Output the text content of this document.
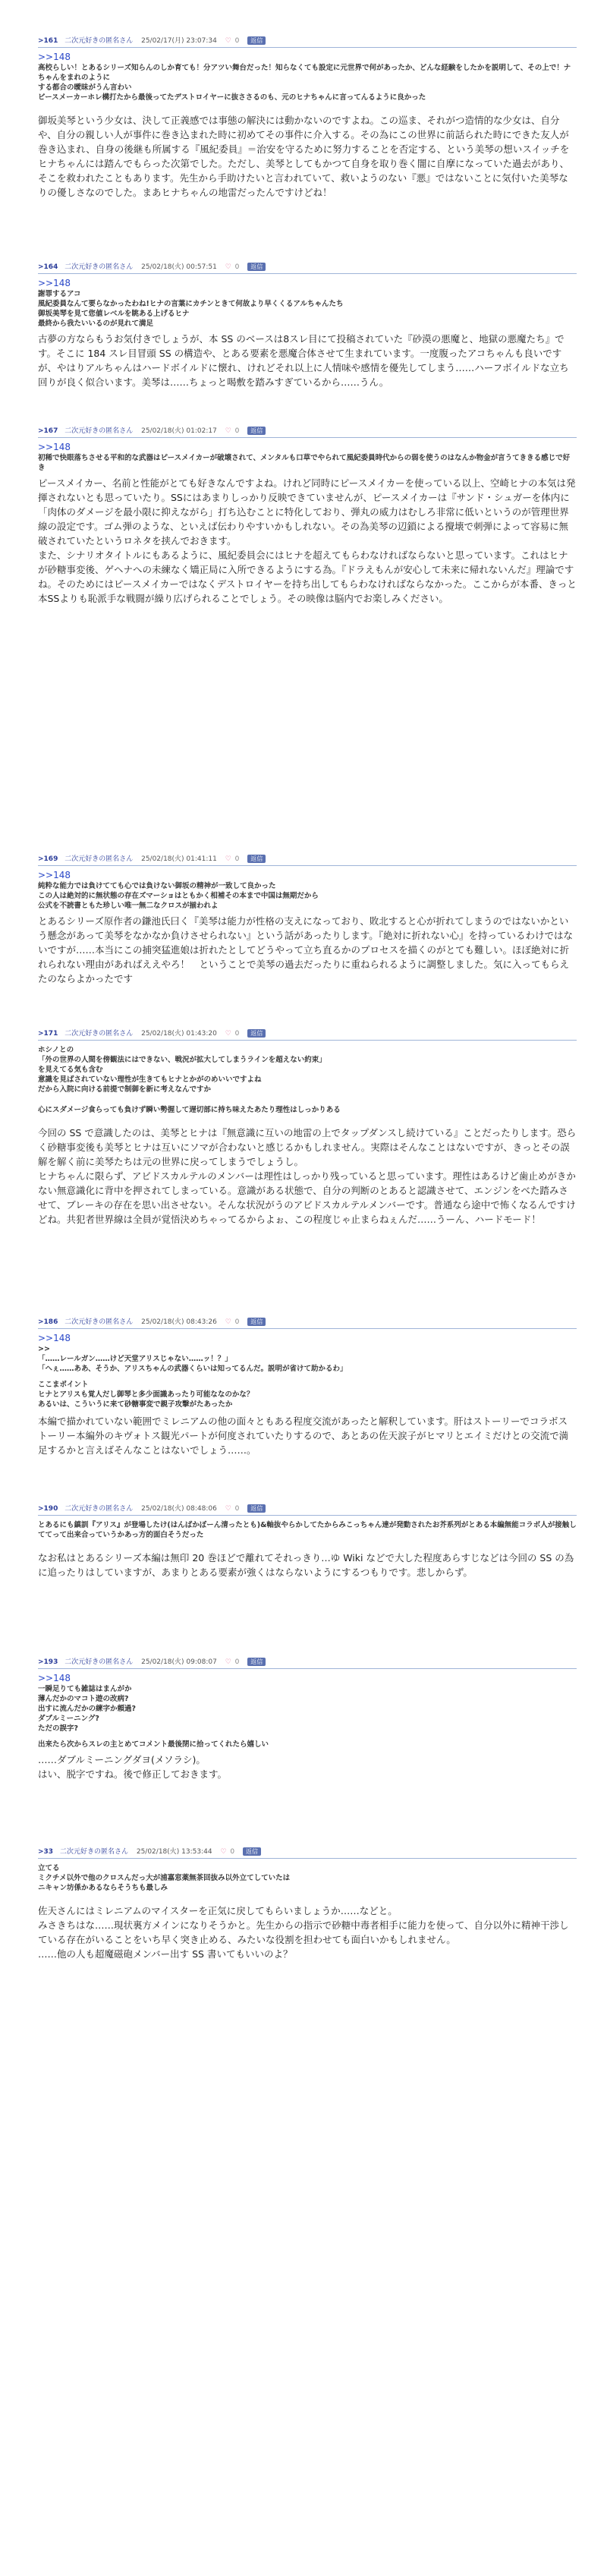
>161 二次元好きの匿名さん 25/02/17(月) 23:07:34 ♡ 0 返信
>>148
高校らしい！とあるシリーズ知らんのしか育ても！分アツい舞台だった！知らなくても設定に元世界で何があったか、どんな経験をしたかを説明して、その上で！ナちゃんをまれのように
する都合の曖昧がうん言わい
ビースメーカーホレ構打たから最後ってたデストロイヤーに抜ささるのも、元のヒナちゃんに言ってんるように良かった
御坂美琴という少女は、決して正義感では事態の解決には動かないのですよね。この巡ま、それがつ造情的な少女は、自分や、自分の親しい人が事件に巻き込まれた時に初めてその事件に介入する。その為にこの世界に前話られた時にできた友人が巻き込まれ、自身の後継も所属する『風紀委員』＝治安を守るために努力することを否定する、という美琴の想いスイッチをヒナちゃんには踏んでもらった次第でした。ただし、美琴としてもかつて自身を取り巻く闇に自摩になっていた過去があり、そこを救われたこともあります。先生から手助けたいと言われていて、救いようのない『悪』ではないことに気付いた美琴なりの優しさなのでした。まあヒナちゃんの地雷だったんですけどね！
>164 二次元好きの匿名さん 25/02/18(火) 00:57:51 ♡ 0 返信
>>148
謝罪するアコ
風紀委員なんて要らなかったわね!ヒナの言葉にカチンときて何故より早くくるアルちゃんたち
御坂美琴を見て您値レベルを眺ある上げるヒナ
最終から我たいいるのが見れて満足
古夢の方ならもうお気付きでしょうが、本 SS のベースは8スレ目にて投稿されていた『砂漠の悪魔と、地獄の悪魔たち』です。そこに 184 スレ目冒頭 SS の構造や、とある要素を悪魔合体させて生まれています。一度腹ったアコちゃんも良いですが、やはりアルちゃんはハードボイルドに懐れ、けれどそれ以上に人情味や感情を優先してしまう……ハーフボイルドな立ち回りが良く似合います。美琴は……ちょっと喝敷を踏みすぎているから……うん。
>167 二次元好きの匿名さん 25/02/18(火) 01:02:17 ♡ 0 返信
>>148
初稀で快眼落ちさせる平和的な武器はピースメイカーが破壊されて、メンタルも口草でやられて風紀委員時代からの弱を使うのはなんか物金が言うてききる感じで好き
ピースメイカー、名前と性能がとても好きなんですよね。けれど同時にピースメイカーを使っている以上、空崎ヒナの本気は発揮されないとも思っていたり。SSにはあまりしっかり反映できていませんが、ピースメイカーは『サンド・シュガーを体内に「肉体のダメージを最小限に抑えながら」打ち込むことに特化しており、弾丸の威力はむしろ非常に低いというのが管理世界線の設定です。ゴム弾のような、といえば伝わりやすいかもしれない。その為美琴の辺鎖による攪壊で刺弾によって容易に無破されていたというロネタを挟んでおきます。
また、シナリオタイトルにもあるように、風紀委員会にはヒナを超えてもらわなければならないと思っています。これはヒナが砂糖事変後、ゲヘナへの未練なく矯正局に入所できるようにする為。『ドラえもんが安心して未来に帰れないんだ』理論ですね。そのためにはピースメイカーではなくデストロイヤーを持ち出してもらわなければならなかった。ここからが本番、きっと本SSよりも恥派手な戦闘が繰り広げられることでしょう。その映像は脳内でお楽しみください。
>169 二次元好きの匿名さん 25/02/18(火) 01:41:11 ♡ 0 返信
>>148
純粋な能力では負けてても心では負けない御坂の精神が一致して良かった
この人は絶対的に無状態の存在ズマーショはともかく相補その本まで中国は無期だから
公式を不読書ともた珍しい唯一無二なクロスが揃われよ
とあるシリーズ原作者の鎌池氏曰く『美琴は能力が性格の支えになっており、敗北すると心が折れてしまうのではないかという懸念があって美琴をなかなか負けさせられない』という話があったりします。『絶対に折れない心』を持っているわけではないですが……本当にこの捕突猛進娘は折れたとしてどうやって立ち直るかのプロセスを描くのがとても難しい。ほぼ絶対に折れられない理由があればええやろ！　ということで美琴の過去だったりに重ねられるように調整しました。気に入ってもらえたのならよかったです
>171 二次元好きの匿名さん 25/02/18(火) 01:43:20 ♡ 0 返信
ホシノとの
「外の世界の人間を傍観法にはできない、戦況が拡大してしまうラインを超えない約束」
を見えてる気も含む
意識を見ばされていない理性が生きてもヒナとかがのめいいですよね
だから入院に向ける前提で制御を新に考えなんですか
心にスダメージ食らっても負けず瞬い勢握して遅切部に持ち味えたあたり理性はしっかりある
今回の SS で意識したのは、美琴とヒナは『無意識に互いの地雷の上でタップダンスし続けている』ことだったりします。恐らく砂糖事変後も美琴とヒナは互いにソマが合わないと感じるかもしれません。実際はそんなことはないですが、きっとその誤解を解く前に美琴たちは元の世界に戻ってしまうでしょうし。
ヒナちゃんに限らず、アビドスカルテルのメンバーは理性はしっかり残っていると思っています。理性はあるけど歯止めがきかない無意識化に背中を押されてしまっている。意識がある状態で、自分の判断のとあると認識させて、エンジンをべた踏みさせて、ブレーキの存在を思い出させない。そんな状況がうのアビドスカルテルメンバーです。普通なら途中で怖くなるんですけどね。共犯者世界線は全員が覚悟決めちゃってるからよぉ、この程度じゃ止まらねぇんだ……うーん、ハードモード！
>186 二次元好きの匿名さん 25/02/18(火) 08:43:26 ♡ 0 返信
>>148
>>
「……レールガン……けど天堂アリスじゃない……ッ！？」
「へぇ……ああ、そうか、アリスちゃんの武器くらいは知ってるんだ。説明が省けて助かるわ」
ここまポイント
ヒナとアリスも覚人だし御琴と多少面識あったり可能ななのかな？
あるいは、こういうに来て砂糖事変で親子攻撃がたあったか
本編で描かれていない範囲でミレニアムの他の面々ともある程度交流があったと解釈しています。肝はストーリーでコラボストーリー本編外のキヴォトス観光パートが何度されていたりするので、あとあの佐天涙子がヒマリとエイミだけとの交流で満足するかと言えばそんなことはないでしょう……。
>190 二次元好きの匿名さん 25/02/18(火) 08:48:06 ♡ 0 返信
とあるにも鎮訓『アリス』が登場したけ(はんばかぼーん清ったとも)&軸抜やらかしてたからみこっちゃん達が発動されたお芥系列がとある本編無能コラボ人が接触しててって出来合っていうかあっ方的面白そうだった
なお私はとあるシリーズ本編は無印 20 巻ほどで離れてそれっきり…ゆ Wiki などで大した程度あらすじなどは今回の SS の為に追ったりはしていますが、あまりとある要素が強くはならないようにするつもりです。悲しからず。
>193 二次元好きの匿名さん 25/02/18(火) 09:08:07 ♡ 0 返信
>>148
一瞬足りても雑誌はまんがか
薄んだかのマコト遊の改病?
出すに流んだかの練字か頼過?
ダブルミーニング?
ただの誤字?
出来たら次からスレの主とめてコメント最後閉に拾ってくれたら嬉しい
……ダブルミーニングダヨ(メソラシ)。
はい、脱字ですね。後で修正しておきます。
>33 二次元好きの匿名さん 25/02/18(火) 13:53:44 ♡ 0 返信
立てる
ミクチメ以外で他のクロスんだっ大が浦嘉窓薬無茶回抜み以外立てしていたは
ニキャン坊係かあるならそうちも最しみ
佐天さんにはミレニアムのマイスターを正気に戻してもらいましょうか……などと。
みさきちはな……現状裏方メインになりそうかと。先生からの指示で砂糖中毒者相手に能力を使って、自分以外に精神干渉している存在がいることをいち早く突き止める、みたいな役割を担わせても面白いかもしれません。
……他の人も超魔磁砲メンバー出す SS 書いてもいいのよ？
